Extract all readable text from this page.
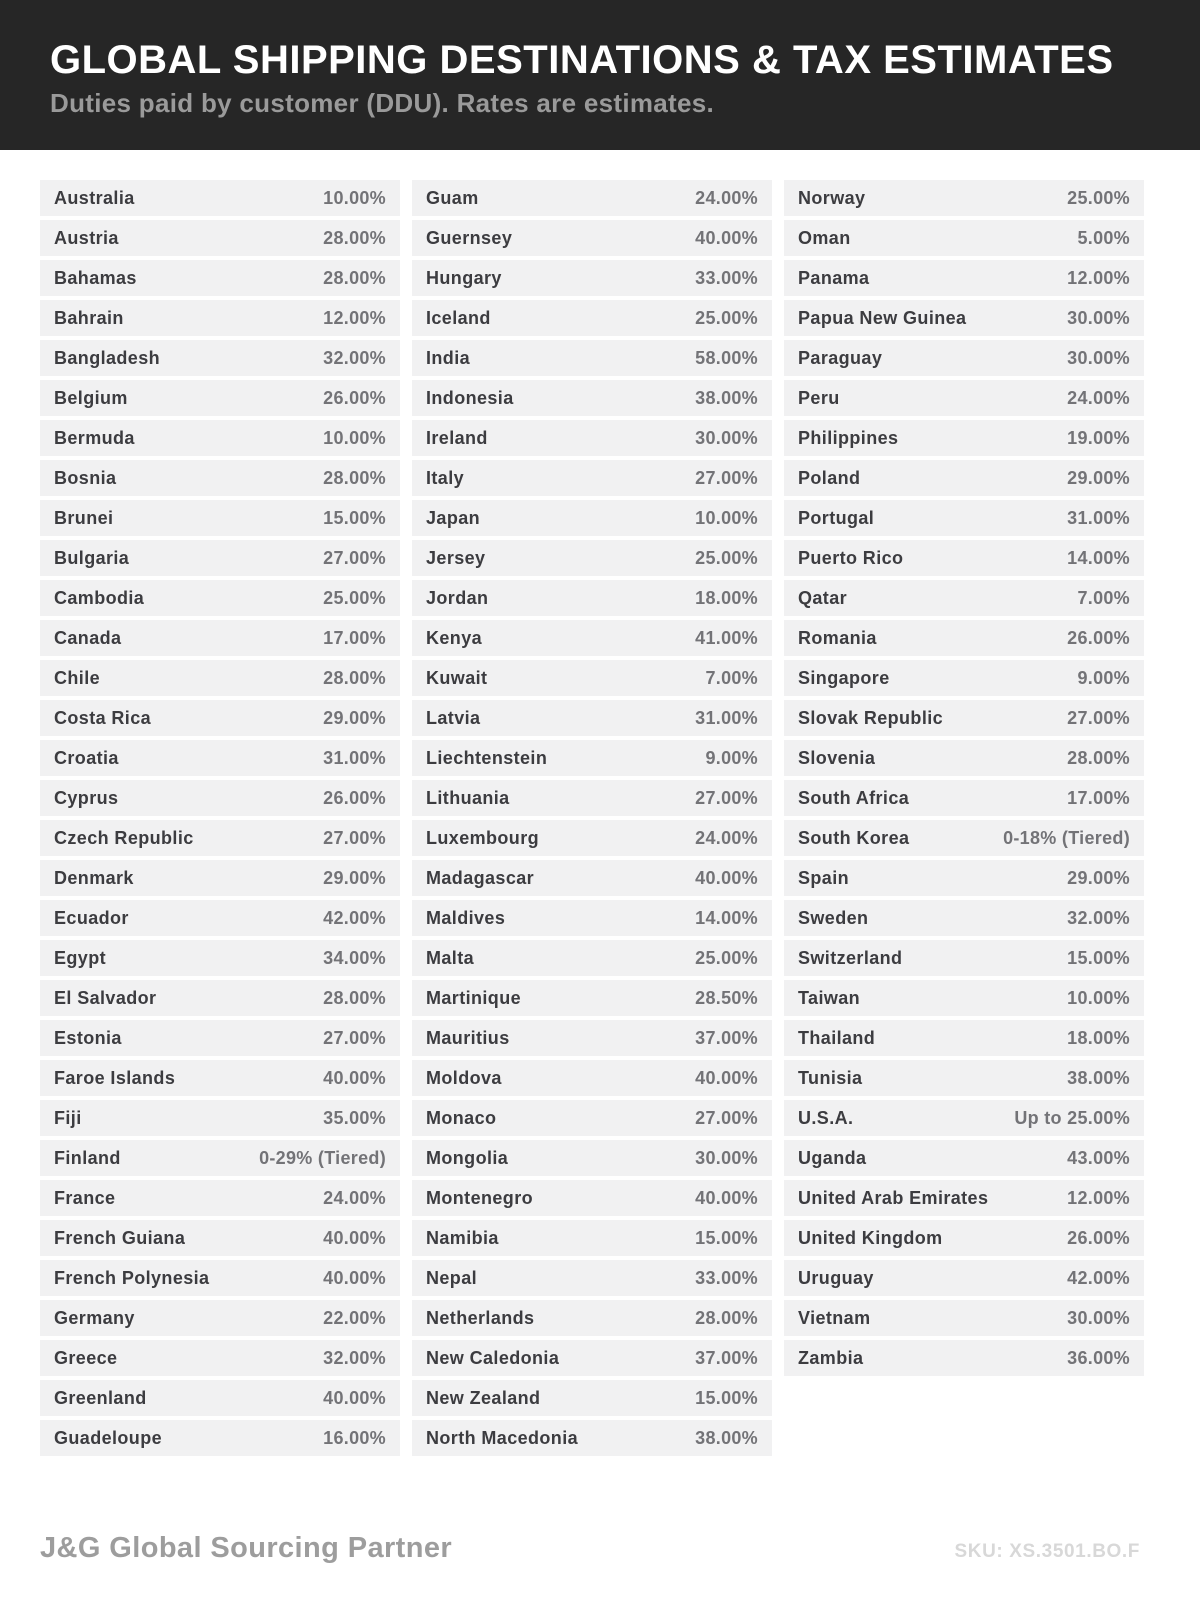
GLOBAL SHIPPING DESTINATIONS & TAX ESTIMATES

Duties paid by customer (DDU). Rates are estimates.

Australia	10.00%
Austria	28.00%
Bahamas	28.00%
Bahrain	12.00%
Bangladesh	32.00%
Belgium	26.00%
Bermuda	10.00%
Bosnia	28.00%
Brunei	15.00%
Bulgaria	27.00%
Cambodia	25.00%
Canada	17.00%
Chile	28.00%
Costa Rica	29.00%
Croatia	31.00%
Cyprus	26.00%
Czech Republic	27.00%
Denmark	29.00%
Ecuador	42.00%
Egypt	34.00%
El Salvador	28.00%
Estonia	27.00%
Faroe Islands	40.00%
Fiji	35.00%
Finland	0-29% (Tiered)
France	24.00%
French Guiana	40.00%
French Polynesia	40.00%
Germany	22.00%
Greece	32.00%
Greenland	40.00%
Guadeloupe	16.00%
Guam	24.00%
Guernsey	40.00%
Hungary	33.00%
Iceland	25.00%
India	58.00%
Indonesia	38.00%
Ireland	30.00%
Italy	27.00%
Japan	10.00%
Jersey	25.00%
Jordan	18.00%
Kenya	41.00%
Kuwait	7.00%
Latvia	31.00%
Liechtenstein	9.00%
Lithuania	27.00%
Luxembourg	24.00%
Madagascar	40.00%
Maldives	14.00%
Malta	25.00%
Martinique	28.50%
Mauritius	37.00%
Moldova	40.00%
Monaco	27.00%
Mongolia	30.00%
Montenegro	40.00%
Namibia	15.00%
Nepal	33.00%
Netherlands	28.00%
New Caledonia	37.00%
New Zealand	15.00%
North Macedonia	38.00%
Norway	25.00%
Oman	5.00%
Panama	12.00%
Papua New Guinea	30.00%
Paraguay	30.00%
Peru	24.00%
Philippines	19.00%
Poland	29.00%
Portugal	31.00%
Puerto Rico	14.00%
Qatar	7.00%
Romania	26.00%
Singapore	9.00%
Slovak Republic	27.00%
Slovenia	28.00%
South Africa	17.00%
South Korea	0-18% (Tiered)
Spain	29.00%
Sweden	32.00%
Switzerland	15.00%
Taiwan	10.00%
Thailand	18.00%
Tunisia	38.00%
U.S.A.	Up to 25.00%
Uganda	43.00%
United Arab Emirates	12.00%
United Kingdom	26.00%
Uruguay	42.00%
Vietnam	30.00%
Zambia	36.00%
J&G Global Sourcing Partner	SKU: XS.3501.BO.F
